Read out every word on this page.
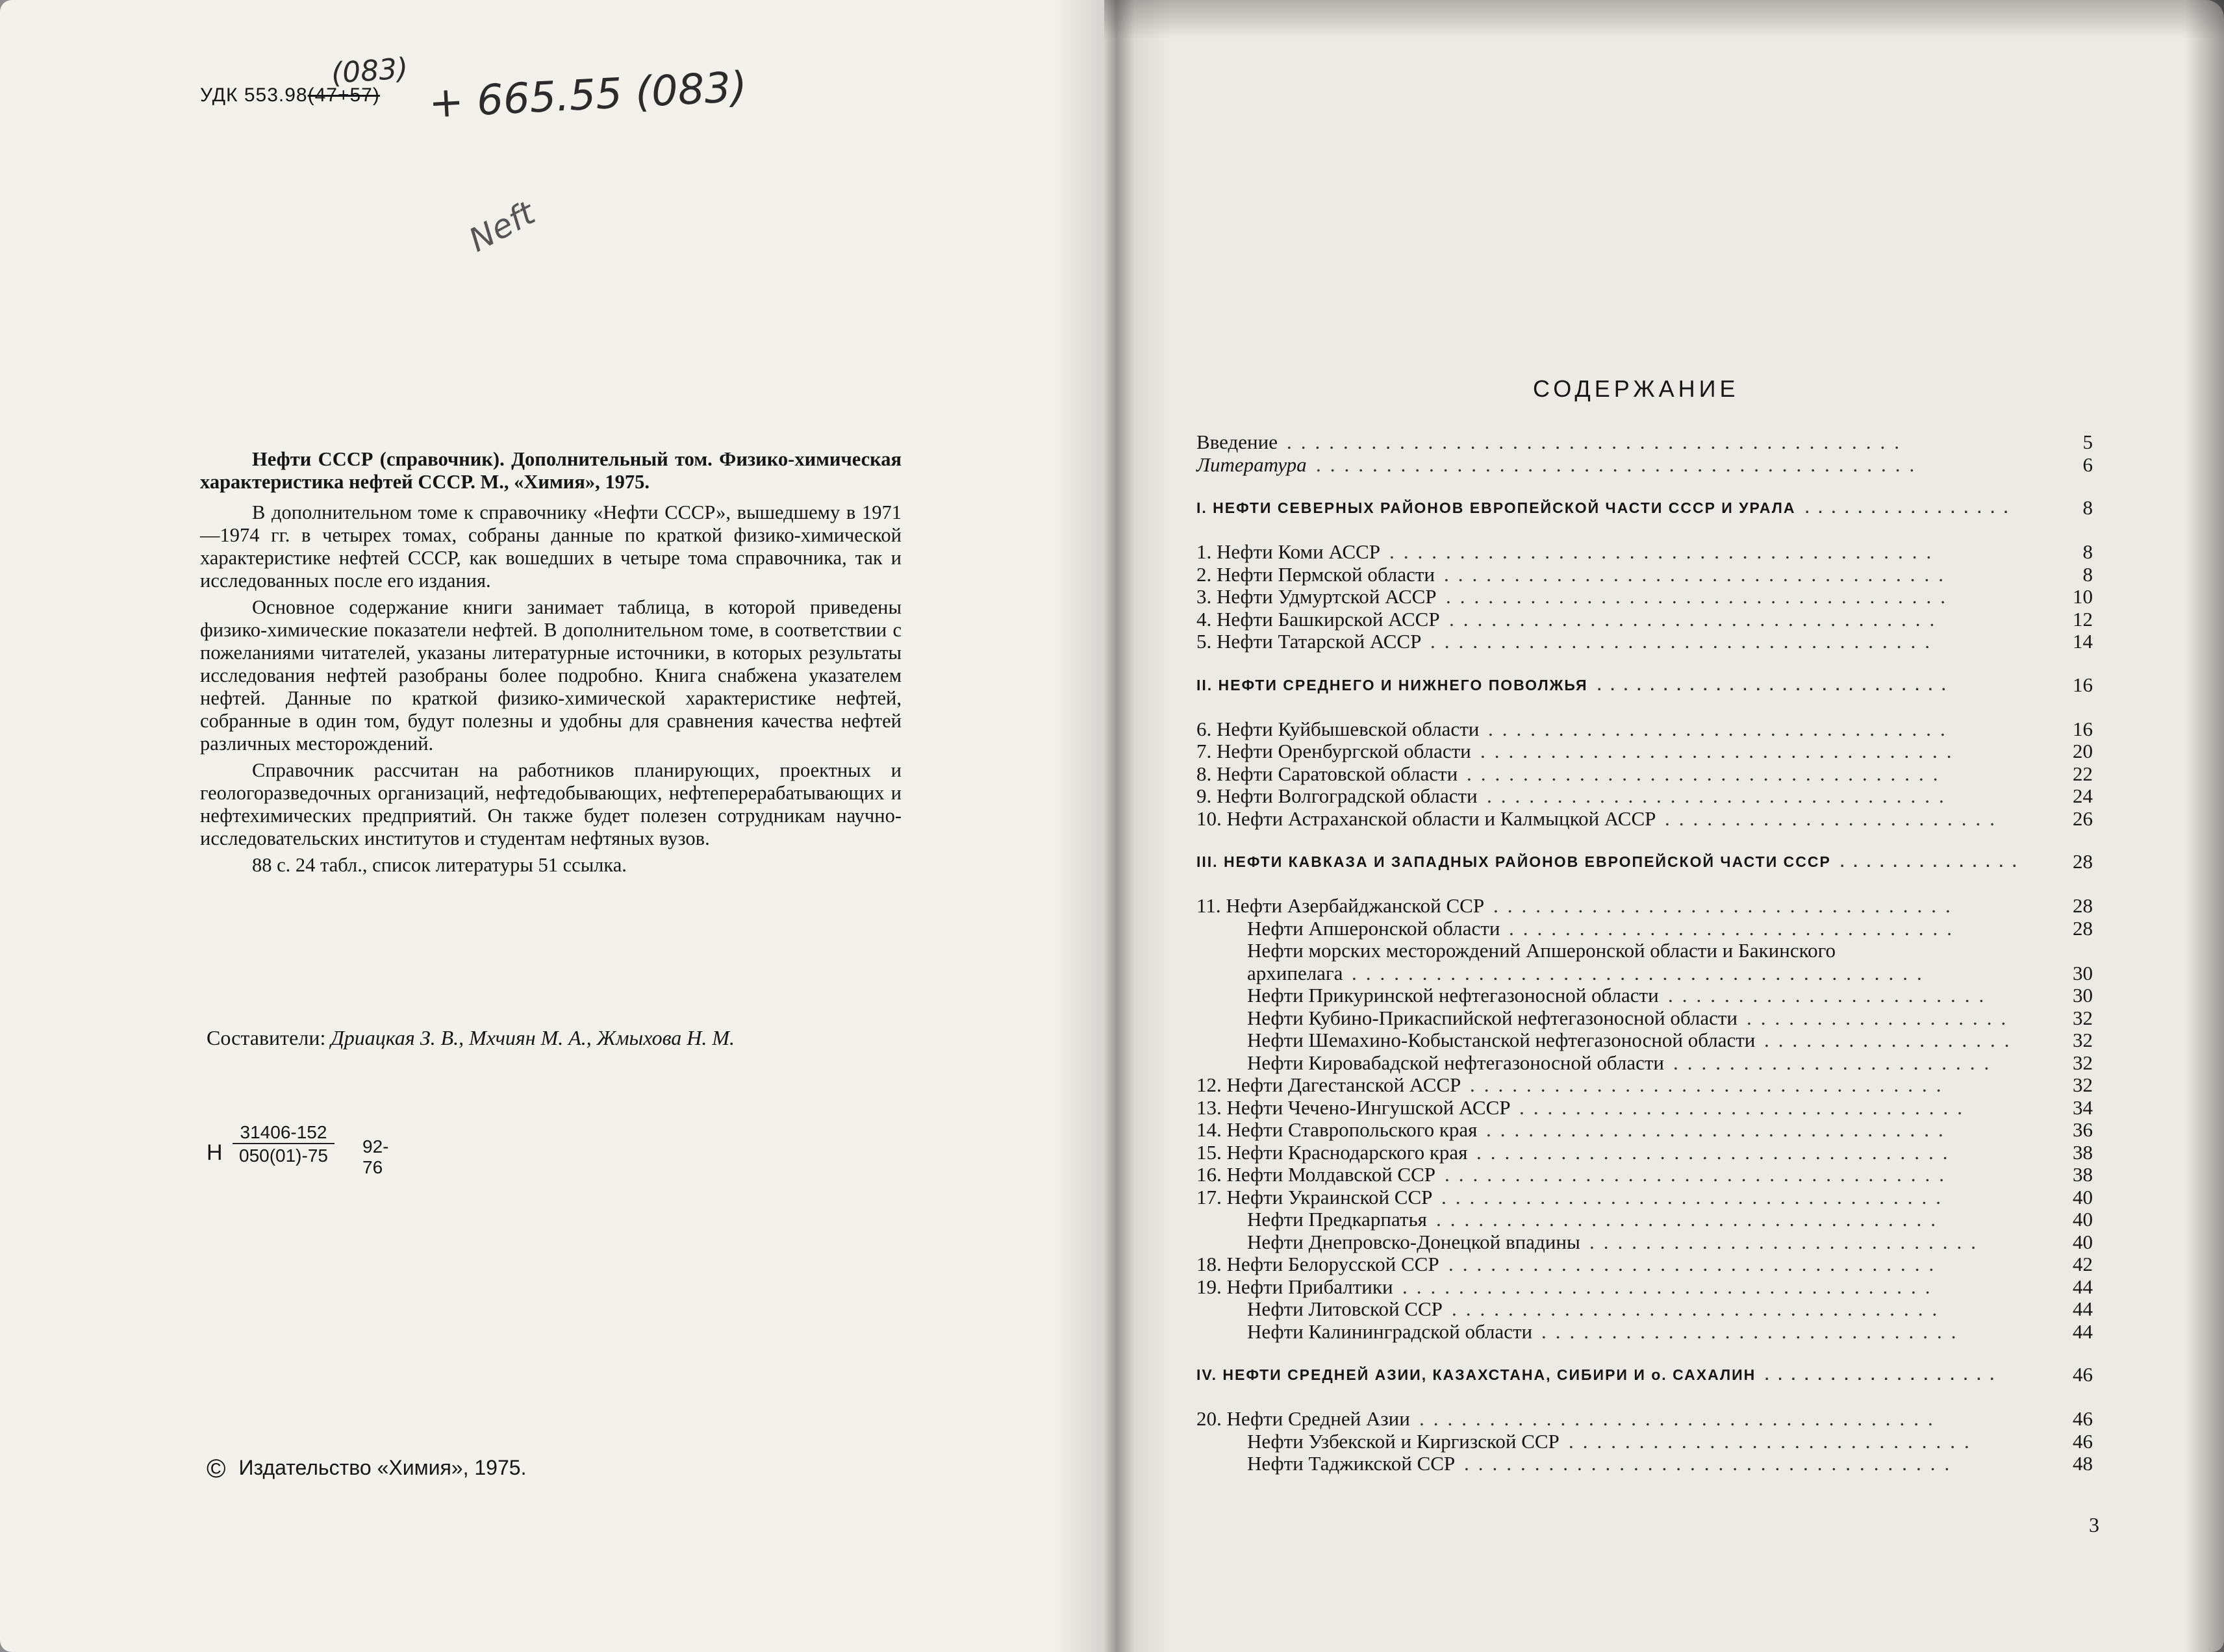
УДК 553.98(47+57)
(083) + 665.55 (083)
Neft

Нефти СССР (справочник). Дополнительный том. Физико-химическая характеристика нефтей СССР. М., «Химия», 1975.

В дополнительном томе к справочнику «Нефти СССР», вышедшему в 1971—1974 гг. в четырех томах, собраны данные по краткой физико-химической характеристике нефтей СССР, как вошедших в четыре тома справочника, так и исследованных после его издания.

Основное содержание книги занимает таблица, в которой приведены физико-химические показатели нефтей. В дополнительном томе, в соответствии с пожеланиями читателей, указаны литературные источники, в которых результаты исследования нефтей разобраны более подробно. Книга снабжена указателем нефтей. Данные по краткой физико-химической характеристике нефтей, собранные в один том, будут полезны и удобны для сравнения качества нефтей различных месторождений.

Справочник рассчитан на работников планирующих, проектных и геологоразведочных организаций, нефтедобывающих, нефтеперерабатывающих и нефтехимических предприятий. Он также будет полезен сотрудникам научно-исследовательских институтов и студентам нефтяных вузов.

88 с. 24 табл., список литературы 51 ссылка.

Составители: Дриацкая З. В., Мхчиян М. А., Жмыхова Н. М.
Н $\frac{31406-152}{050(01)-75} 92-76$
© Издательство «Химия», 1975.
СОДЕРЖАНИЕ
Введение	5
............................................
Литература	6
...........................................
I. НЕФТИ СЕВЕРНЫХ РАЙОНОВ ЕВРОПЕЙСКОЙ ЧАСТИ СССР И УРАЛА	8
................
1. Нефти Коми АССР	8
.......................................
2. Нефти Пермской области	8
....................................
3. Нефти Удмуртской АССР	10
....................................
4. Нефти Башкирской АССР	12
...................................
5. Нефти Татарской АССР	14
....................................
II. НЕФТИ СРЕДНЕГО И НИЖНЕГО ПОВОЛЖЬЯ	16
...........................
6. Нефти Куйбышевской области	16
.................................
7. Нефти Оренбургской области	20
..................................
8. Нефти Саратовской области	22
..................................
9. Нефти Волгоградской области	24
.................................
10. Нефти Астраханской области и Калмыцкой АССР	26
........................
III. НЕФТИ КАВКАЗА И ЗАПАДНЫХ РАЙОНОВ ЕВРОПЕЙСКОЙ ЧАСТИ СССР	28
..............
11. Нефти Азербайджанской ССР	28
.................................
Нефти Апшеронской области	28
................................
Нефти морских месторождений Апшеронской области и Бакинского
архипелага	30
.........................................
Нефти Прикуринской нефтегазоносной области	30
.......................
Нефти Кубино-Прикаспийской нефтегазоносной области	32
...................
Нефти Шемахино-Кобыстанской нефтегазоносной области	32
..................
Нефти Кировабадской нефтегазоносной области	32
.......................
12. Нефти Дагестанской АССР	32
..................................
13. Нефти Чечено-Ингушской АССР	34
................................
14. Нефти Ставропольского края	36
.................................
15. Нефти Краснодарского края	38
..................................
16. Нефти Молдавской ССР	38
....................................
17. Нефти Украинской ССР	40
....................................
Нефти Предкарпатья	40
....................................
Нефти Днепровско-Донецкой впадины	40
............................
18. Нефти Белорусской ССР	42
...................................
19. Нефти Прибалтики	44
......................................
Нефти Литовской ССР	44
...................................
Нефти Калининградской области	44
..............................
IV. НЕФТИ СРЕДНЕЙ АЗИИ, КАЗАХСТАНА, СИБИРИ И о. САХАЛИН	46
..................
20. Нефти Средней Азии	46
.....................................
Нефти Узбекской и Киргизской ССР	46
.............................
Нефти Таджикской ССР	48
...................................
3
